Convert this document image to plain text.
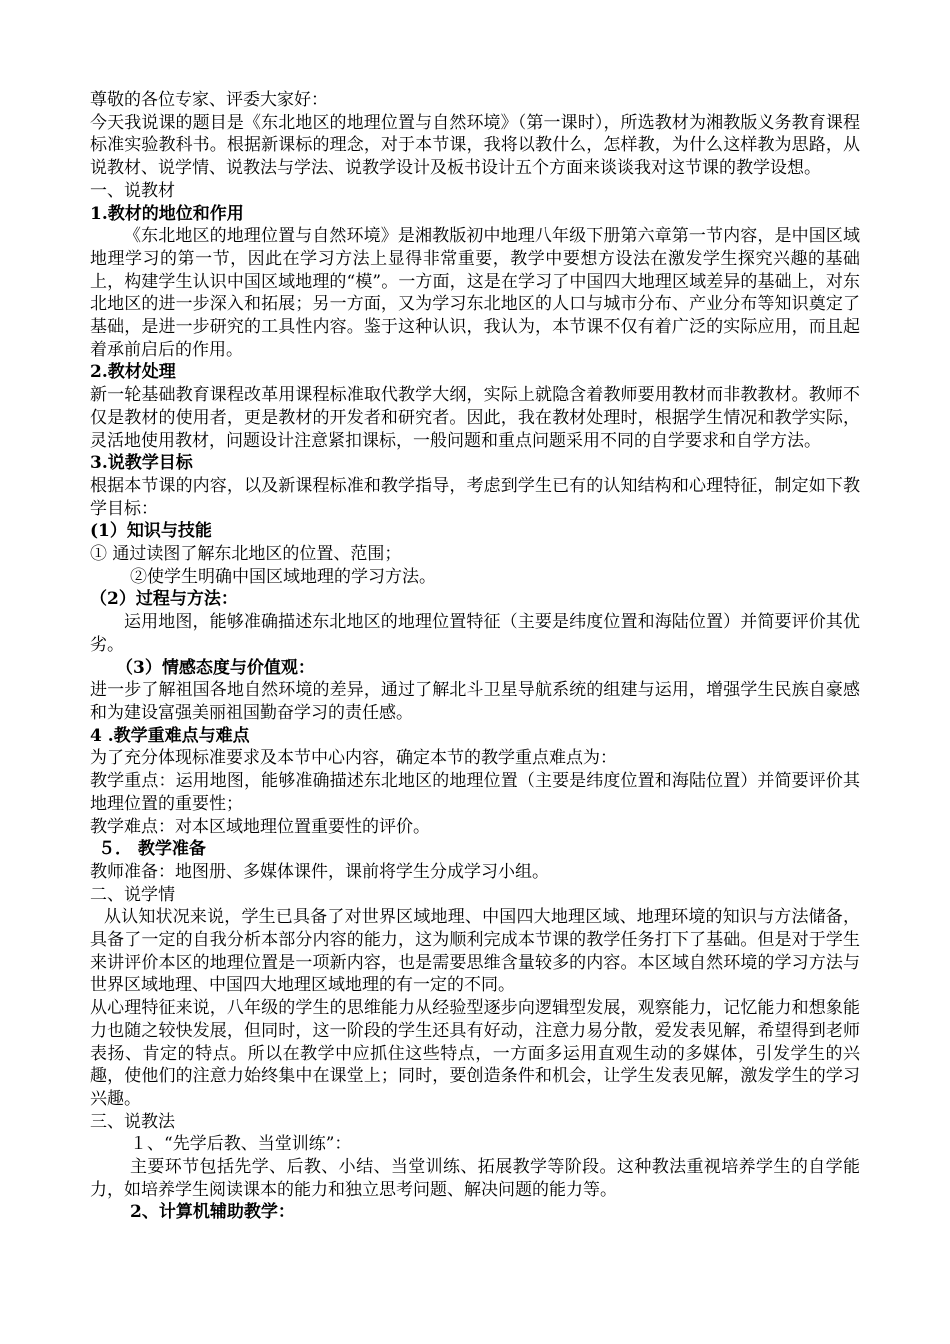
尊敬的各位专家、评委大家好：

今天我说课的题目是《东北地区的地理位置与自然环境》（第一课时），所选教材为湘教版义务教育课程标准实验教科书。根据新课标的理念，对于本节课，我将以教什么，怎样教，为什么这样教为思路，从说教材、说学情、说教法与学法、说教学设计及板书设计五个方面来谈谈我对这节课的教学设想。

一、说教材

1.教材的地位和作用

《东北地区的地理位置与自然环境》是湘教版初中地理八年级下册第六章第一节内容，是中国区域地理学习的第一节，因此在学习方法上显得非常重要，教学中要想方设法在激发学生探究兴趣的基础上，构建学生认识中国区域地理的“模”。一方面，这是在学习了中国四大地理区域差异的基础上，对东北地区的进一步深入和拓展；另一方面，又为学习东北地区的人口与城市分布、产业分布等知识奠定了基础，是进一步研究的工具性内容。鉴于这种认识，我认为，本节课不仅有着广泛的实际应用，而且起着承前启后的作用。

2.教材处理

新一轮基础教育课程改革用课程标准取代教学大纲，实际上就隐含着教师要用教材而非教教材。教师不仅是教材的使用者，更是教材的开发者和研究者。因此，我在教材处理时，根据学生情况和教学实际，灵活地使用教材，问题设计注意紧扣课标，一般问题和重点问题采用不同的自学要求和自学方法。

3.说教学目标

根据本节课的内容，以及新课程标准和教学指导，考虑到学生已有的认知结构和心理特征，制定如下教学目标：

(1）知识与技能

① 通过读图了解东北地区的位置、范围；

②使学生明确中国区域地理的学习方法。

（2）过程与方法：

运用地图，能够准确描述东北地区的地理位置特征（主要是纬度位置和海陆位置）并简要评价其优劣。

（3）情感态度与价值观：

进一步了解祖国各地自然环境的差异，通过了解北斗卫星导航系统的组建与运用，增强学生民族自豪感和为建设富强美丽祖国勤奋学习的责任感。

4 .教学重难点与难点

为了充分体现标准要求及本节中心内容，确定本节的教学重点难点为：

教学重点：运用地图，能够准确描述东北地区的地理位置（主要是纬度位置和海陆位置）并简要评价其地理位置的重要性；

教学难点：对本区域地理位置重要性的评价。

５． 教学准备

教师准备：地图册、多媒体课件，课前将学生分成学习小组。

二、说学情

从认知状况来说，学生已具备了对世界区域地理、中国四大地理区域、地理环境的知识与方法储备，具备了一定的自我分析本部分内容的能力，这为顺利完成本节课的教学任务打下了基础。但是对于学生来讲评价本区的地理位置是一项新内容，也是需要思维含量较多的内容。本区域自然环境的学习方法与世界区域地理、中国四大地理区域地理的有一定的不同。

从心理特征来说，八年级的学生的思维能力从经验型逐步向逻辑型发展，观察能力，记忆能力和想象能力也随之较快发展，但同时，这一阶段的学生还具有好动，注意力易分散，爱发表见解，希望得到老师表扬、肯定的特点。所以在教学中应抓住这些特点，一方面多运用直观生动的多媒体，引发学生的兴趣，使他们的注意力始终集中在课堂上；同时，要创造条件和机会，让学生发表见解，激发学生的学习兴趣。

三、说教法

１、“先学后教、当堂训练”：

主要环节包括先学、后教、小结、当堂训练、拓展教学等阶段。这种教法重视培养学生的自学能力，如培养学生阅读课本的能力和独立思考问题、解决问题的能力等。

2、计算机辅助教学：
